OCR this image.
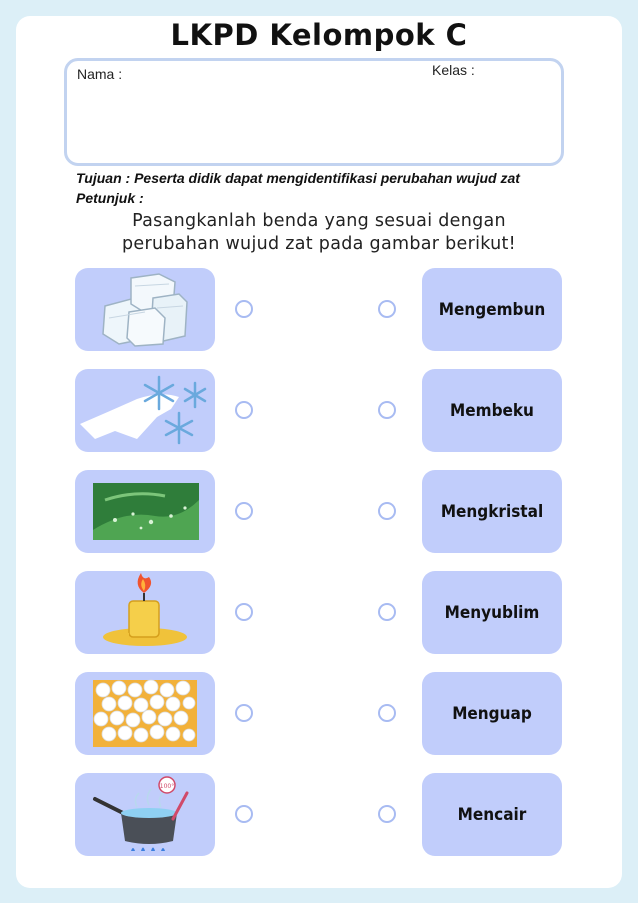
LKPD Kelompok C
Nama :	Kelas :
Tujuan : Peserta didik dapat mengidentifikasi perubahan wujud zat
Petunjuk :
Pasangkanlah benda yang sesuai dengan
perubahan wujud zat pada gambar berikut!
Mengembun
Membeku
Mengkristal
Menyublim
Menguap
100°
Mencair
